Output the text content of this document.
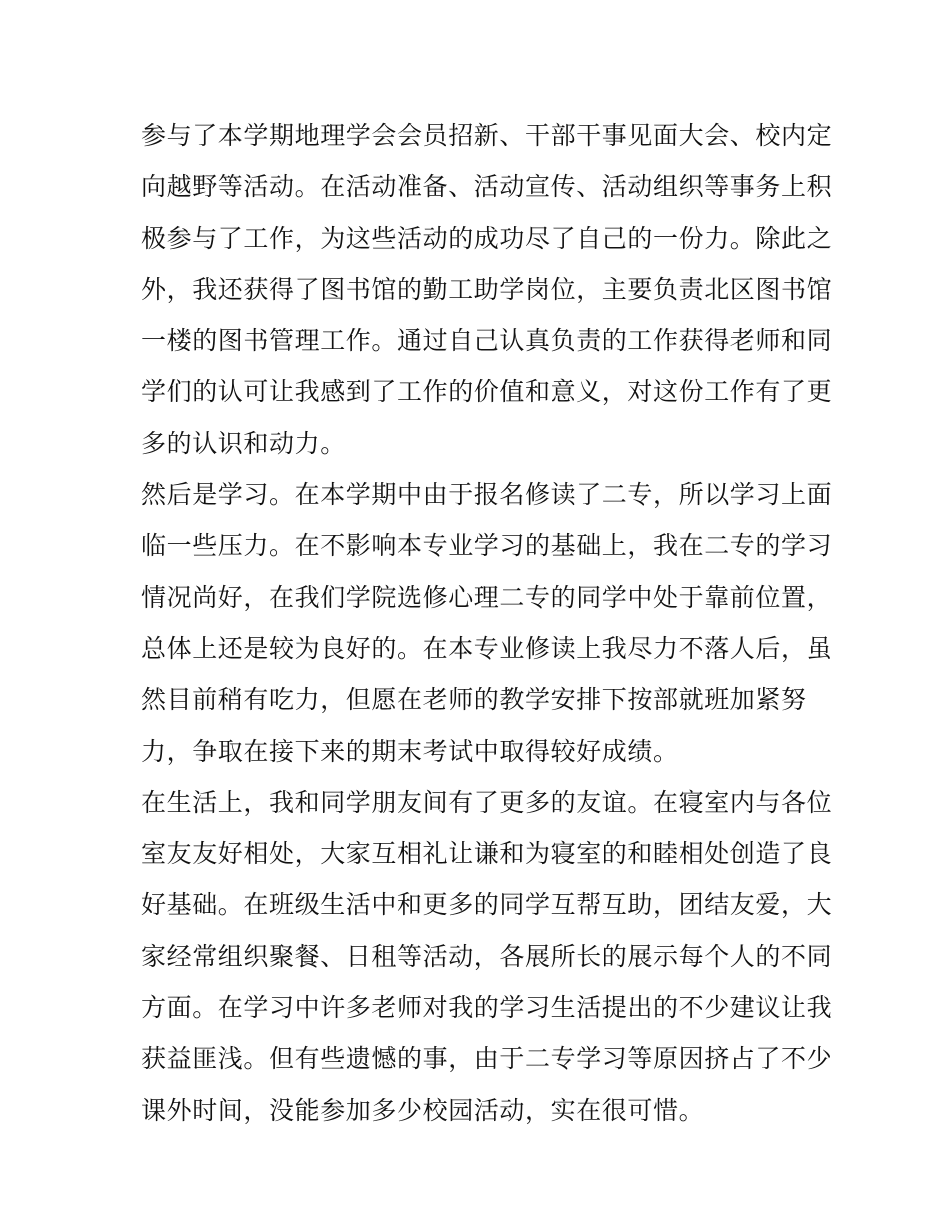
参与了本学期地理学会会员招新、干部干事见面大会、校内定
向越野等活动。在活动准备、活动宣传、活动组织等事务上积
极参与了工作，为这些活动的成功尽了自己的一份力。除此之
外，我还获得了图书馆的勤工助学岗位，主要负责北区图书馆
一楼的图书管理工作。通过自己认真负责的工作获得老师和同
学们的认可让我感到了工作的价值和意义，对这份工作有了更
多的认识和动力。
然后是学习。在本学期中由于报名修读了二专，所以学习上面
临一些压力。在不影响本专业学习的基础上，我在二专的学习
情况尚好，在我们学院选修心理二专的同学中处于靠前位置，
总体上还是较为良好的。在本专业修读上我尽力不落人后，虽
然目前稍有吃力，但愿在老师的教学安排下按部就班加紧努
力，争取在接下来的期末考试中取得较好成绩。
在生活上，我和同学朋友间有了更多的友谊。在寝室内与各位
室友友好相处，大家互相礼让谦和为寝室的和睦相处创造了良
好基础。在班级生活中和更多的同学互帮互助，团结友爱，大
家经常组织聚餐、日租等活动，各展所长的展示每个人的不同
方面。在学习中许多老师对我的学习生活提出的不少建议让我
获益匪浅。但有些遗憾的事，由于二专学习等原因挤占了不少
课外时间，没能参加多少校园活动，实在很可惜。
